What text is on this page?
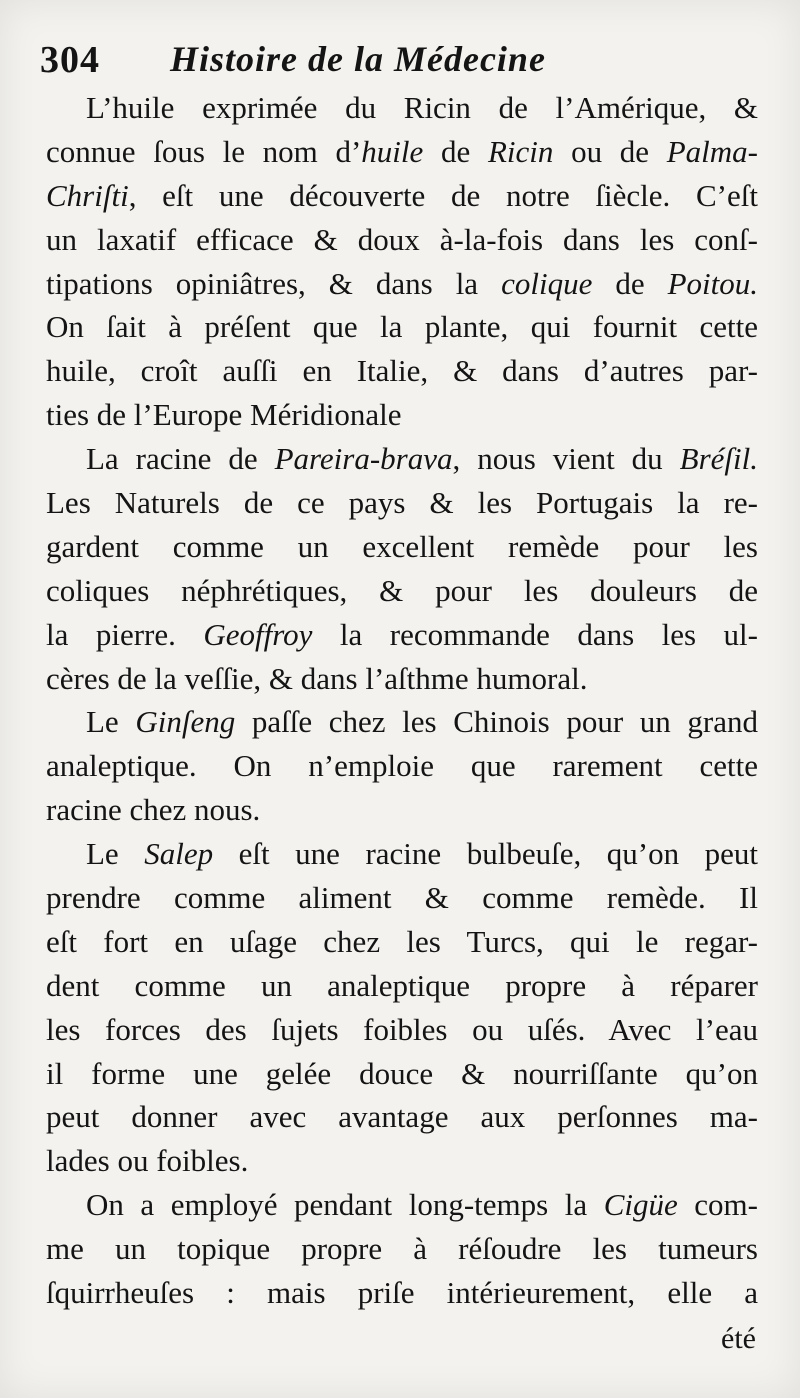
304 Histoire de la Médecine
L’huile exprimée du Ricin de l’Amérique, &
connue ſous le nom d’huile de Ricin ou de Palma-
Chriſti, eſt une découverte de notre ſiècle. C’eſt
un laxatif efficace & doux à-la-fois dans les conſ-
tipations opiniâtres, & dans la colique de Poitou.
On ſait à préſent que la plante, qui fournit cette
huile, croît auſſi en Italie, & dans d’autres par-
ties de l’Europe Méridionale
La racine de Pareira-brava, nous vient du Bréſil.
Les Naturels de ce pays & les Portugais la re-
gardent comme un excellent remède pour les
coliques néphrétiques, & pour les douleurs de
la pierre. Geoffroy la recommande dans les ul-
cères de la veſſie, & dans l’aſthme humoral.
Le Ginſeng paſſe chez les Chinois pour un grand
analeptique. On n’emploie que rarement cette
racine chez nous.
Le Salep eſt une racine bulbeuſe, qu’on peut
prendre comme aliment & comme remède. Il
eſt fort en uſage chez les Turcs, qui le regar-
dent comme un analeptique propre à réparer
les forces des ſujets foibles ou uſés. Avec l’eau
il forme une gelée douce & nourriſſante qu’on
peut donner avec avantage aux perſonnes ma-
lades ou foibles.
On a employé pendant long-temps la Cigüe com-
me un topique propre à réſoudre les tumeurs
ſquirrheuſes : mais priſe intérieurement, elle a
été
